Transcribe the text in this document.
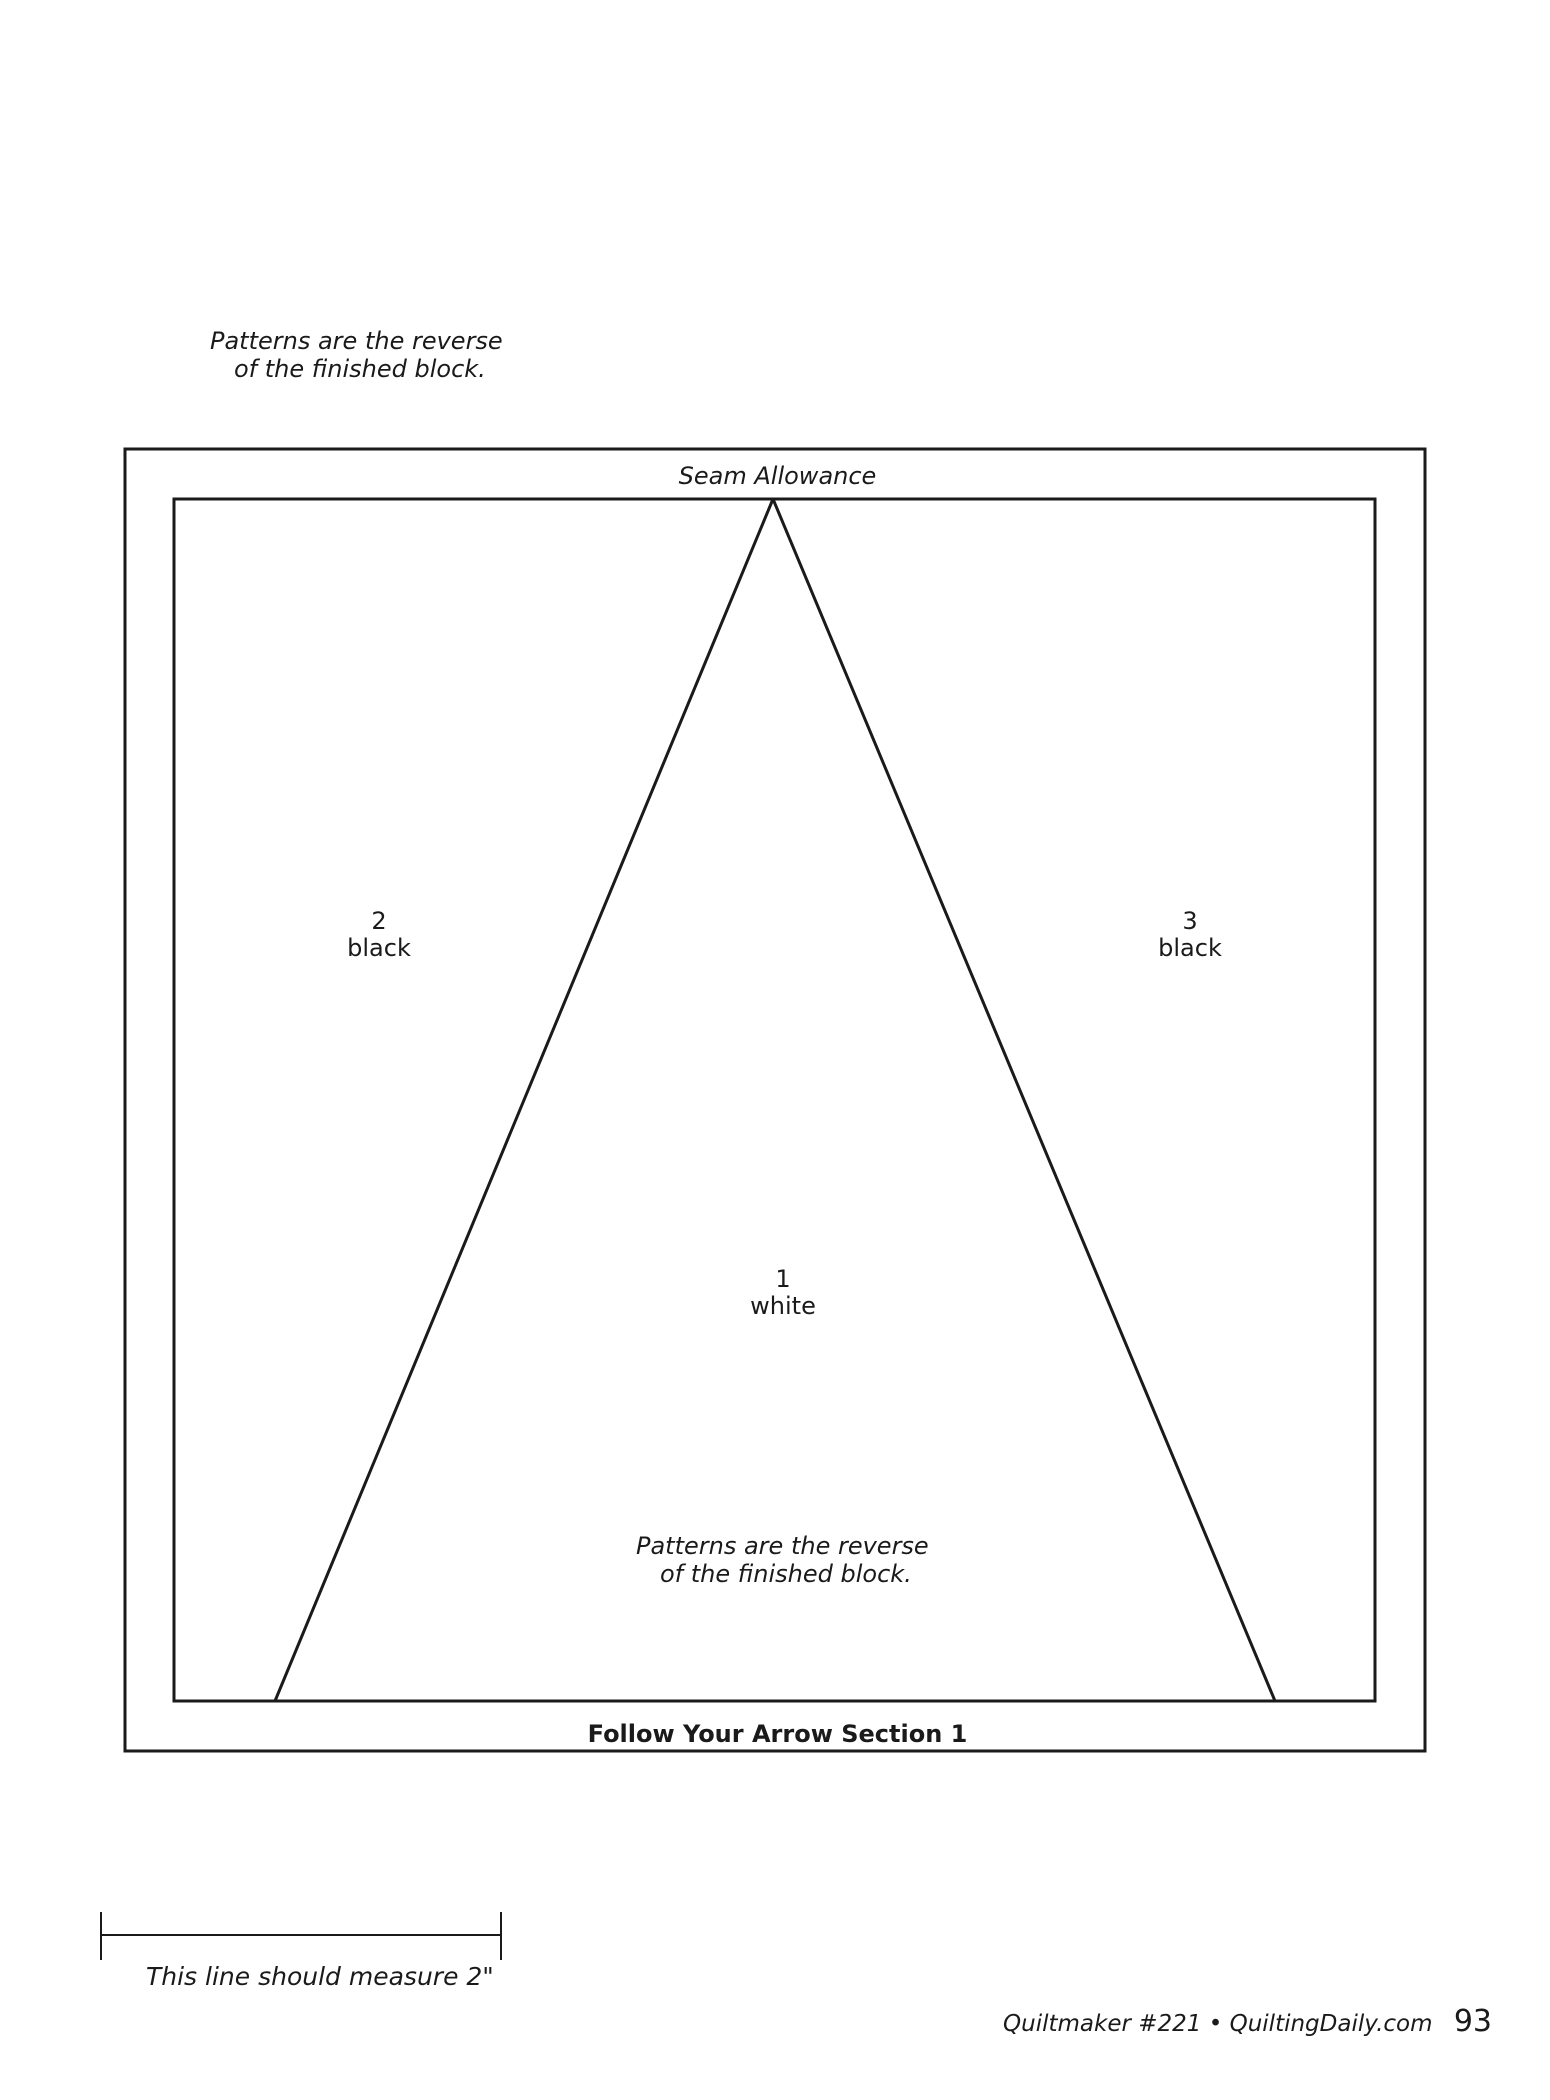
Patterns are the reverse
of the finished block.
Seam Allowance
2
black
3
black
1
white
Patterns are the reverse
of the finished block.
Follow Your Arrow Section 1
This line should measure 2"
Quiltmaker #221 • QuiltingDaily.com 93
